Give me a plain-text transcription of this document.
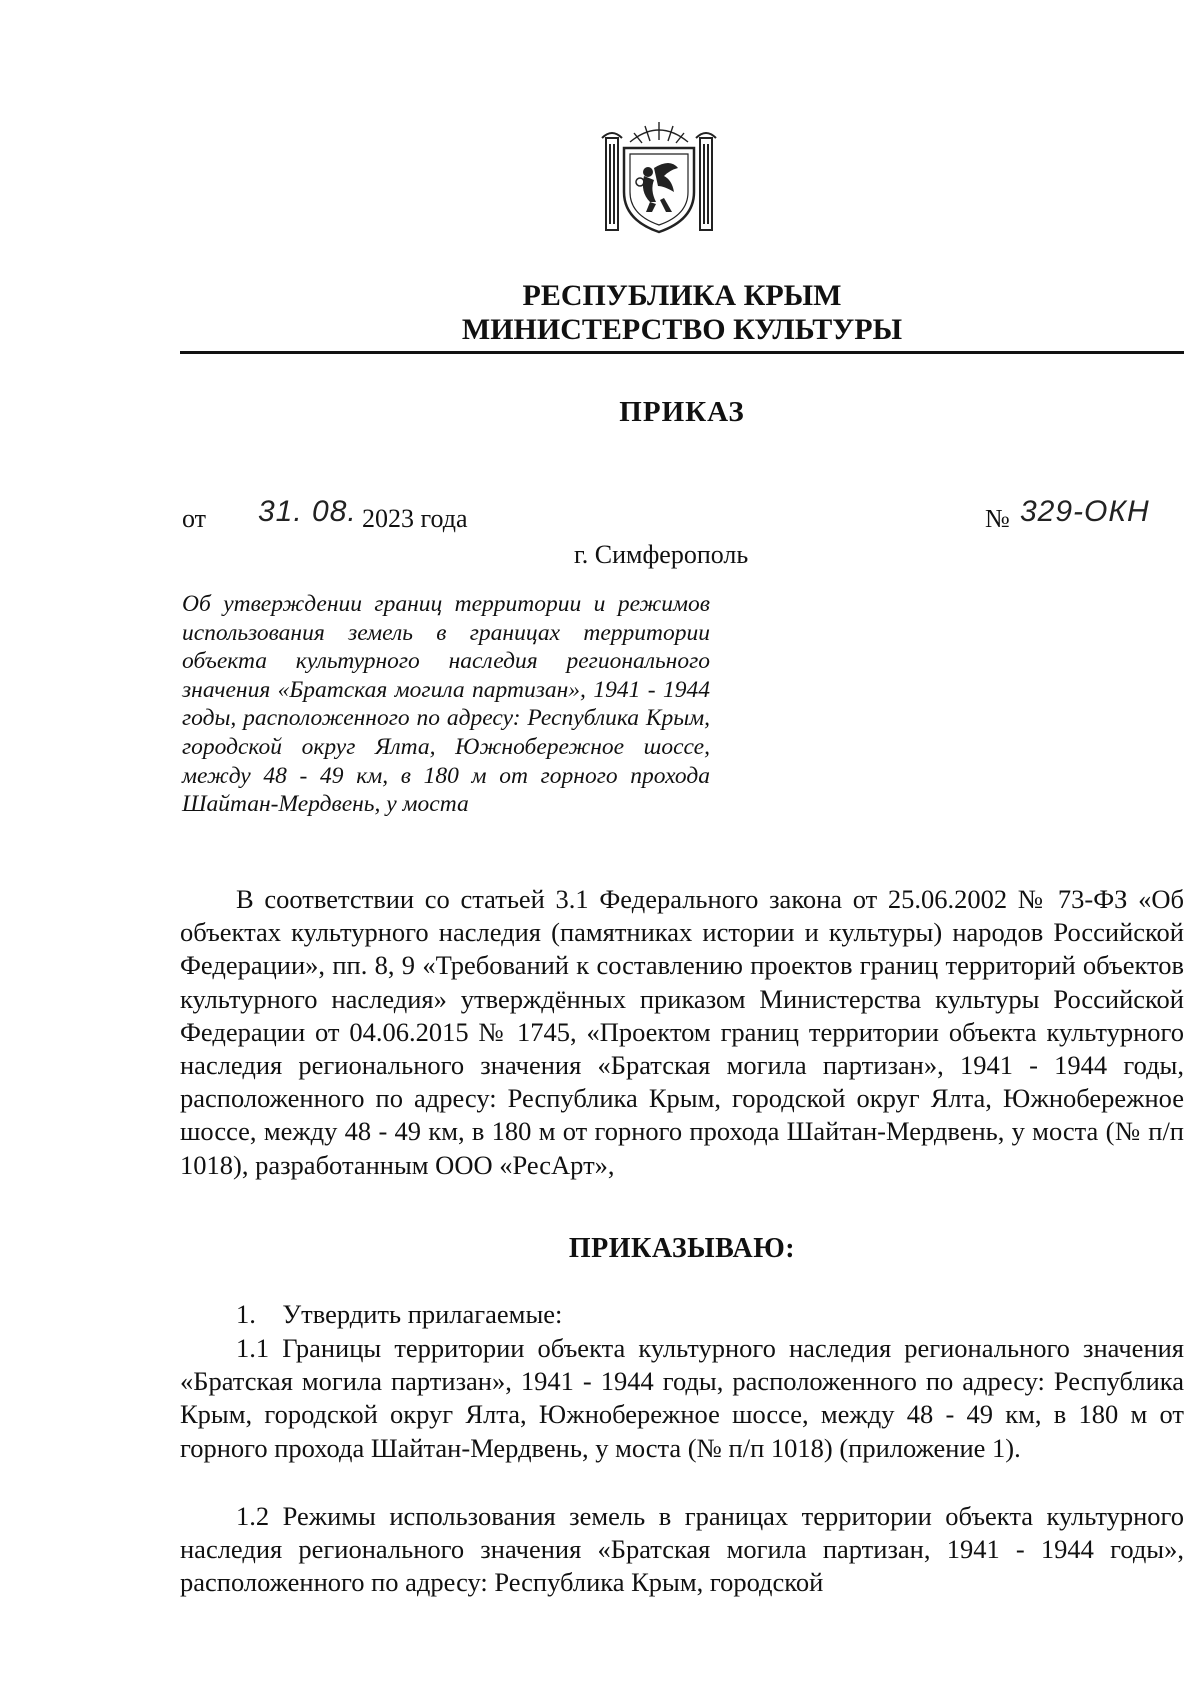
РЕСПУБЛИКА КРЫМ
МИНИСТЕРСТВО КУЛЬТУРЫ
ПРИКАЗ
от 31. 08. 2023 года	№ 329-ОКН
г. Симферополь
Об утверждении границ территории и режимов использования земель в границах территории объекта культурного наследия регионального значения «Братская могила партизан», 1941 - 1944 годы, расположенного по адресу: Республика Крым, городской округ Ялта, Южнобережное шоссе, между 48 - 49 км, в 180 м от горного прохода Шайтан-Мердвень, у моста
В соответствии со статьей 3.1 Федерального закона от 25.06.2002 № 73-ФЗ «Об объектах культурного наследия (памятниках истории и культуры) народов Российской Федерации», пп. 8, 9 «Требований к составлению проектов границ территорий объектов культурного наследия» утверждённых приказом Министерства культуры Российской Федерации от 04.06.2015 № 1745, «Проектом границ территории объекта культурного наследия регионального значения «Братская могила партизан», 1941 - 1944 годы, расположенного по адресу: Республика Крым, городской округ Ялта, Южнобережное шоссе, между 48 - 49 км, в 180 м от горного прохода Шайтан-Мердвень, у моста (№ п/п 1018), разработанным ООО «РесАрт»,
ПРИКАЗЫВАЮ:
1.    Утвердить прилагаемые:
1.1 Границы территории объекта культурного наследия регионального значения «Братская могила партизан», 1941 - 1944 годы, расположенного по адресу: Республика Крым, городской округ Ялта, Южнобережное шоссе, между 48 - 49 км, в 180 м от горного прохода Шайтан-Мердвень, у моста (№ п/п 1018) (приложение 1).
1.2 Режимы использования земель в границах территории объекта культурного наследия регионального значения «Братская могила партизан, 1941 - 1944 годы», расположенного по адресу: Республика Крым, городской
